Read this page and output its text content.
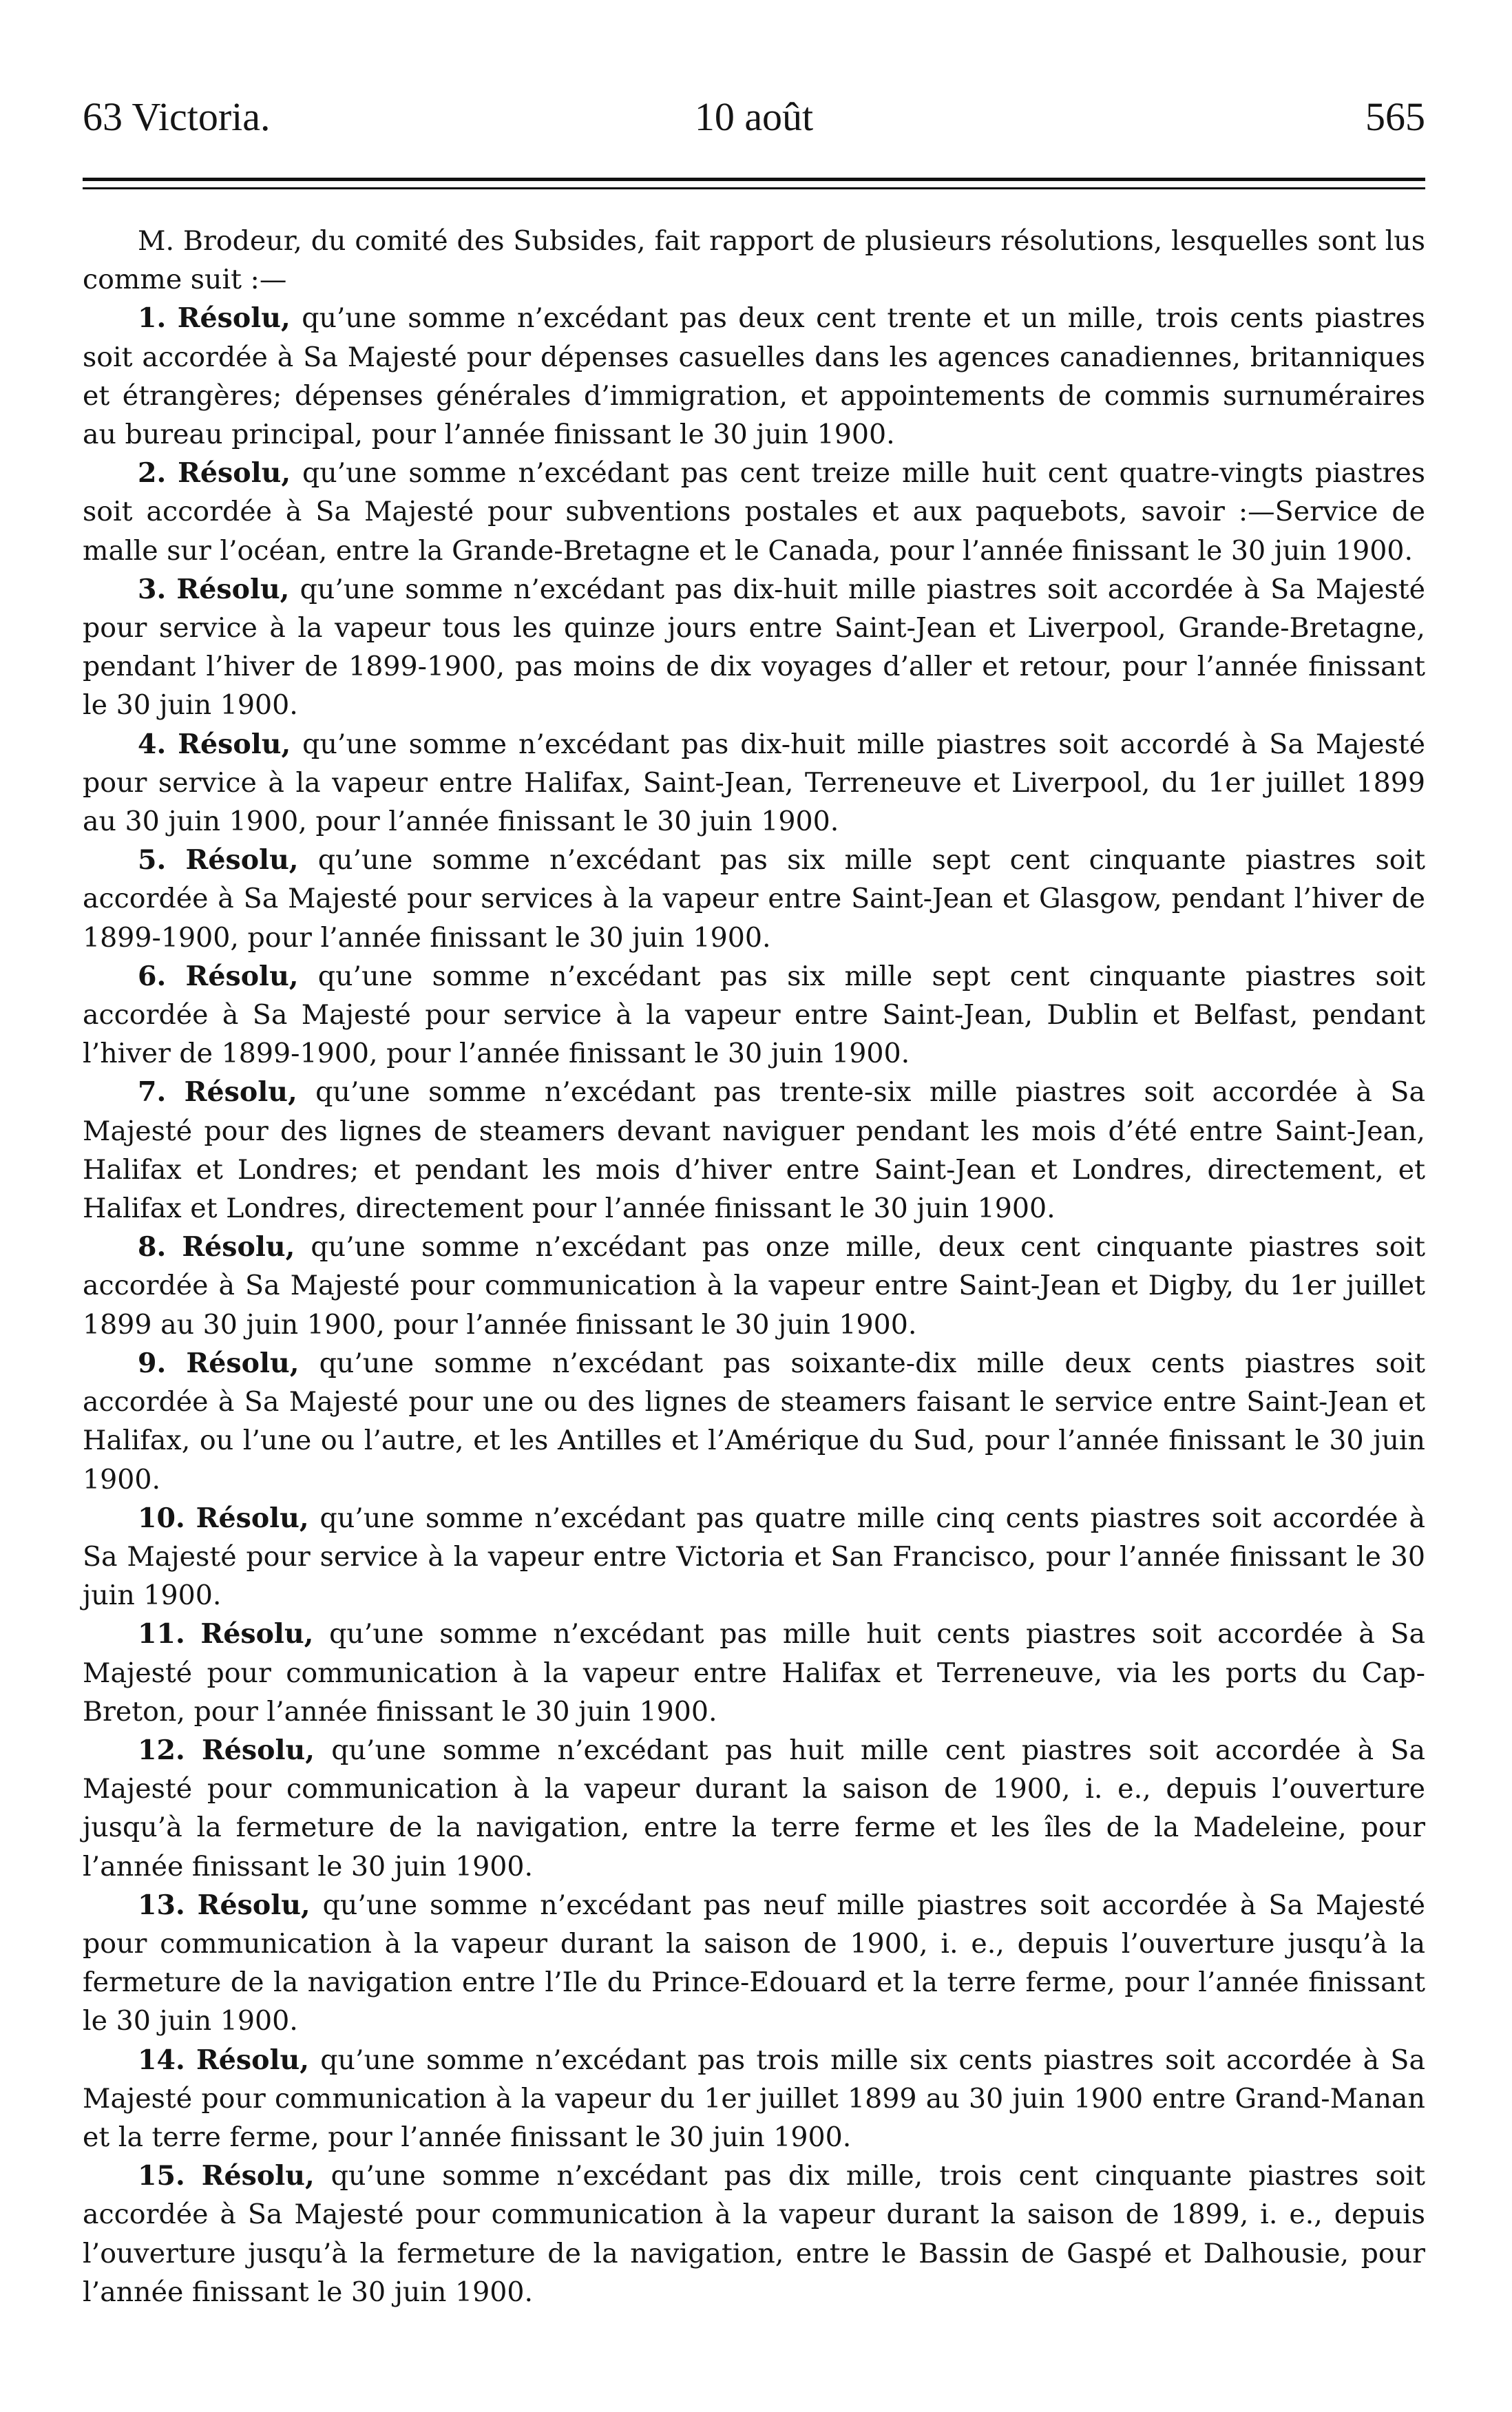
63 Victoria.	10 août	565

M. Brodeur, du comité des Subsides, fait rapport de plusieurs résolutions, lesquelles sont lus comme suit :—

1. Résolu, qu’une somme n’excédant pas deux cent trente et un mille, trois cents piastres soit accordée à Sa Majesté pour dépenses casuelles dans les agences canadiennes, britanniques et étrangères; dépenses générales d’immigration, et appointements de commis surnuméraires au bureau principal, pour l’année finissant le 30 juin 1900.

2. Résolu, qu’une somme n’excédant pas cent treize mille huit cent quatre-vingts piastres soit accordée à Sa Majesté pour subventions postales et aux paquebots, savoir :—Service de malle sur l’océan, entre la Grande-Bretagne et le Canada, pour l’année finissant le 30 juin 1900.

3. Résolu, qu’une somme n’excédant pas dix-huit mille piastres soit accordée à Sa Majesté pour service à la vapeur tous les quinze jours entre Saint-Jean et Liverpool, Grande-Bretagne, pendant l’hiver de 1899-1900, pas moins de dix voyages d’aller et retour, pour l’année finissant le 30 juin 1900.

4. Résolu, qu’une somme n’excédant pas dix-huit mille piastres soit accordé à Sa Majesté pour service à la vapeur entre Halifax, Saint-Jean, Terreneuve et Liverpool, du 1er juillet 1899 au 30 juin 1900, pour l’année finissant le 30 juin 1900.

5. Résolu, qu’une somme n’excédant pas six mille sept cent cinquante piastres soit accordée à Sa Majesté pour services à la vapeur entre Saint-Jean et Glasgow, pendant l’hiver de 1899-1900, pour l’année finissant le 30 juin 1900.

6. Résolu, qu’une somme n’excédant pas six mille sept cent cinquante piastres soit accordée à Sa Majesté pour service à la vapeur entre Saint-Jean, Dublin et Belfast, pendant l’hiver de 1899-1900, pour l’année finissant le 30 juin 1900.

7. Résolu, qu’une somme n’excédant pas trente-six mille piastres soit accordée à Sa Majesté pour des lignes de steamers devant naviguer pendant les mois d’été entre Saint-Jean, Halifax et Londres; et pendant les mois d’hiver entre Saint-Jean et Londres, directement, et Halifax et Londres, directement pour l’année finissant le 30 juin 1900.

8. Résolu, qu’une somme n’excédant pas onze mille, deux cent cinquante piastres soit accordée à Sa Majesté pour communication à la vapeur entre Saint-Jean et Digby, du 1er juillet 1899 au 30 juin 1900, pour l’année finissant le 30 juin 1900.

9. Résolu, qu’une somme n’excédant pas soixante-dix mille deux cents piastres soit accordée à Sa Majesté pour une ou des lignes de steamers faisant le service entre Saint-Jean et Halifax, ou l’une ou l’autre, et les Antilles et l’Amérique du Sud, pour l’année finissant le 30 juin 1900.

10. Résolu, qu’une somme n’excédant pas quatre mille cinq cents piastres soit accordée à Sa Majesté pour service à la vapeur entre Victoria et San Francisco, pour l’année finissant le 30 juin 1900.

11. Résolu, qu’une somme n’excédant pas mille huit cents piastres soit accordée à Sa Majesté pour communication à la vapeur entre Halifax et Terreneuve, via les ports du Cap-Breton, pour l’année finissant le 30 juin 1900.

12. Résolu, qu’une somme n’excédant pas huit mille cent piastres soit accordée à Sa Majesté pour communication à la vapeur durant la saison de 1900, i. e., depuis l’ouverture jusqu’à la fermeture de la navigation, entre la terre ferme et les îles de la Madeleine, pour l’année finissant le 30 juin 1900.

13. Résolu, qu’une somme n’excédant pas neuf mille piastres soit accordée à Sa Majesté pour communication à la vapeur durant la saison de 1900, i. e., depuis l’ouverture jusqu’à la fermeture de la navigation entre l’Ile du Prince-Edouard et la terre ferme, pour l’année finissant le 30 juin 1900.

14. Résolu, qu’une somme n’excédant pas trois mille six cents piastres soit accordée à Sa Majesté pour communication à la vapeur du 1er juillet 1899 au 30 juin 1900 entre Grand-Manan et la terre ferme, pour l’année finissant le 30 juin 1900.

15. Résolu, qu’une somme n’excédant pas dix mille, trois cent cinquante piastres soit accordée à Sa Majesté pour communication à la vapeur durant la saison de 1899, i. e., depuis l’ouverture jusqu’à la fermeture de la navigation, entre le Bassin de Gaspé et Dalhousie, pour l’année finissant le 30 juin 1900.
